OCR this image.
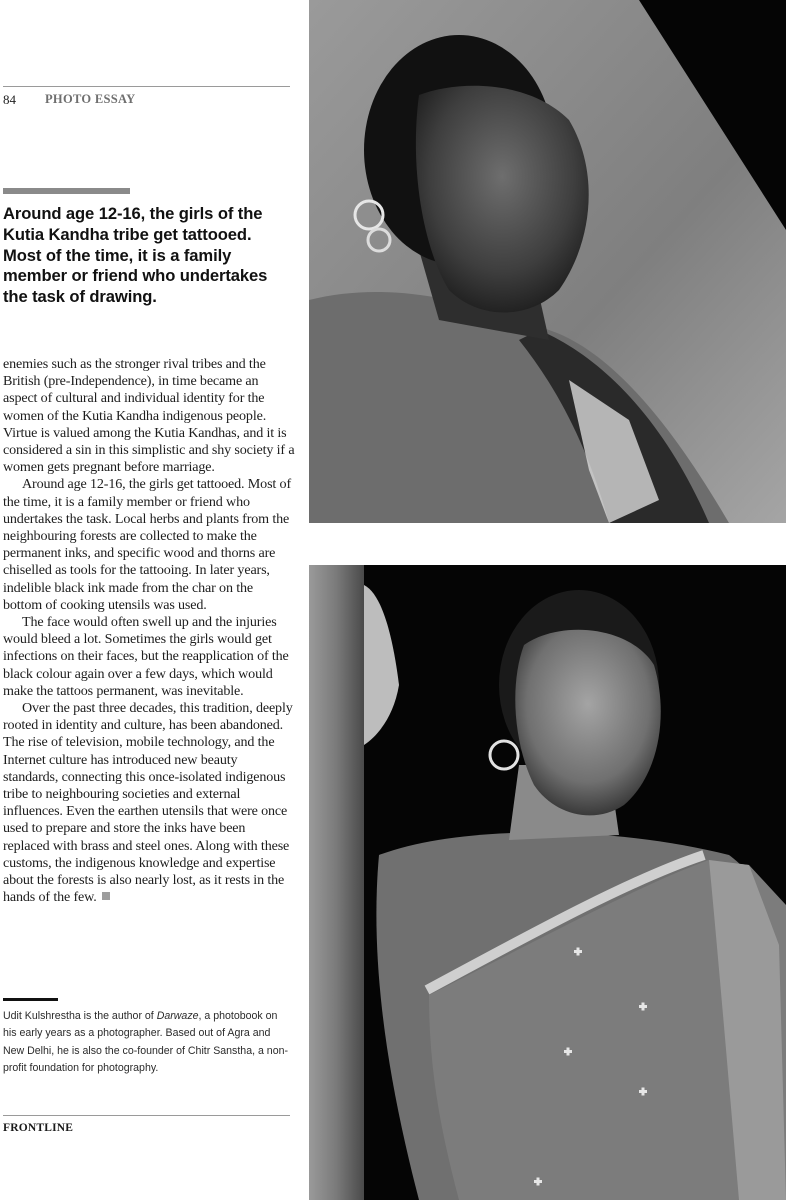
84 PHOTO ESSAY
Around age 12-16, the girls of the Kutia Kandha tribe get tattooed. Most of the time, it is a family member or friend who undertakes the task of drawing.

enemies such as the stronger rival tribes and the British (pre-Independence), in time became an aspect of cultural and individual identity for the women of the Kutia Kandha indigenous people. Virtue is valued among the Kutia Kandhas, and it is considered a sin in this simplistic and shy society if a women gets pregnant before marriage.

Around age 12-16, the girls get tattooed. Most of the time, it is a family member or friend who undertakes the task. Local herbs and plants from the neighbouring forests are collected to make the permanent inks, and specific wood and thorns are chiselled as tools for the tattooing. In later years, indelible black ink made from the char on the bottom of cooking utensils was used.

The face would often swell up and the injuries would bleed a lot. Sometimes the girls would get infections on their faces, but the reapplication of the black colour again over a few days, which would make the tattoos permanent, was inevitable.

Over the past three decades, this tradition, deeply rooted in identity and culture, has been abandoned. The rise of television, mobile technology, and the Internet culture has introduced new beauty standards, connecting this once-isolated indigenous tribe to neighbouring societies and external influences. Even the earthen utensils that were once used to prepare and store the inks have been replaced with brass and steel ones. Along with these customs, the indigenous knowledge and expertise about the forests is also nearly lost, as it rests in the hands of the few.

Udit Kulshrestha is the author of Darwaze, a photobook on his early years as a photographer. Based out of Agra and New Delhi, he is also the co-founder of Chitr Sanstha, a non-profit foundation for photography.
FRONTLINE
